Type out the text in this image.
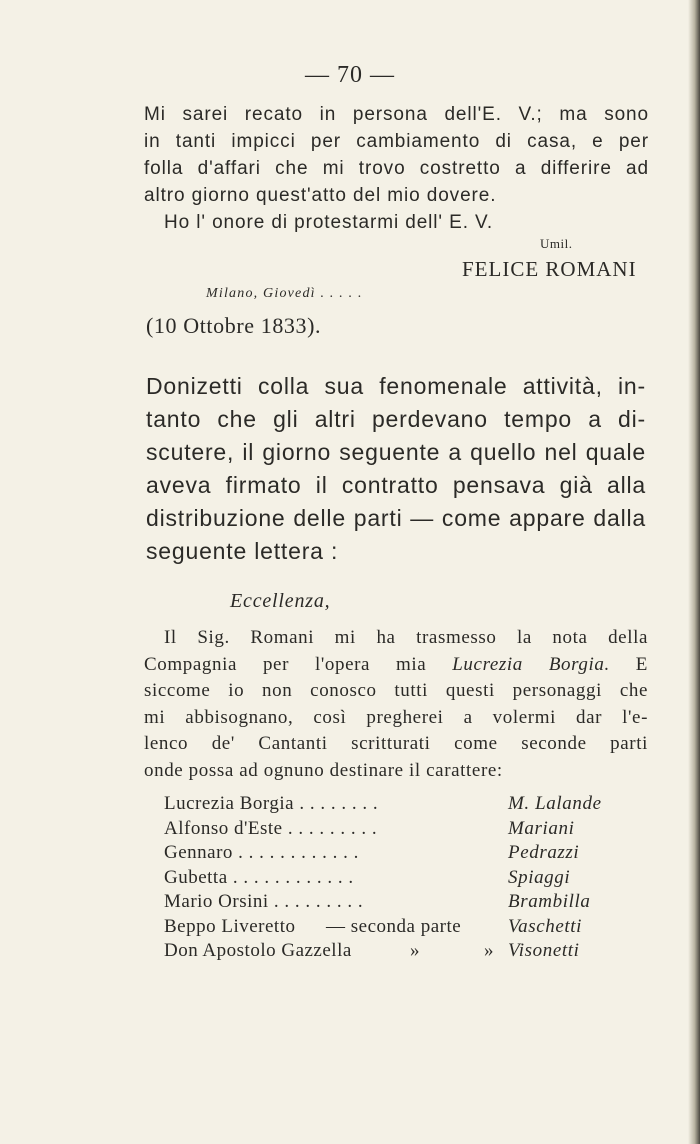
— 70 —
Mi sarei recato in persona dell'E. V.; ma sono
in tanti impicci per cambiamento di casa, e per
folla d'affari che mi trovo costretto a differire ad
altro giorno quest'atto del mio dovere.
Ho l' onore di protestarmi dell' E. V.
Umil.
FELICE ROMANI
Milano, Giovedì . . . . .
(10 Ottobre 1833).
Donizetti colla sua fenomenale attività, in-
tanto che gli altri perdevano tempo a di-
scutere, il giorno seguente a quello nel quale
aveva firmato il contratto pensava già alla
distribuzione delle parti — come appare dalla
seguente lettera :
Eccellenza,
Il Sig. Romani mi ha trasmesso la nota della
Compagnia per l'opera mia Lucrezia Borgia. E
siccome io non conosco tutti questi personaggi che
mi abbisognano, così pregherei a volermi dar l'e-
lenco de' Cantanti scritturati come seconde parti
onde possa ad ognuno destinare il carattere:
Lucrezia Borgia . . . . . . . .	M. Lalande
Alfonso d'Este . . . . . . . . .	Mariani
Gennaro . . . . . . . . . . . .	Pedrazzi
Gubetta . . . . . . . . . . . .	Spiaggi
Mario Orsini . . . . . . . . .	Brambilla
Beppo Liveretto — seconda parte Vaschetti
Don Apostolo Gazzella	»	» Visonetti
